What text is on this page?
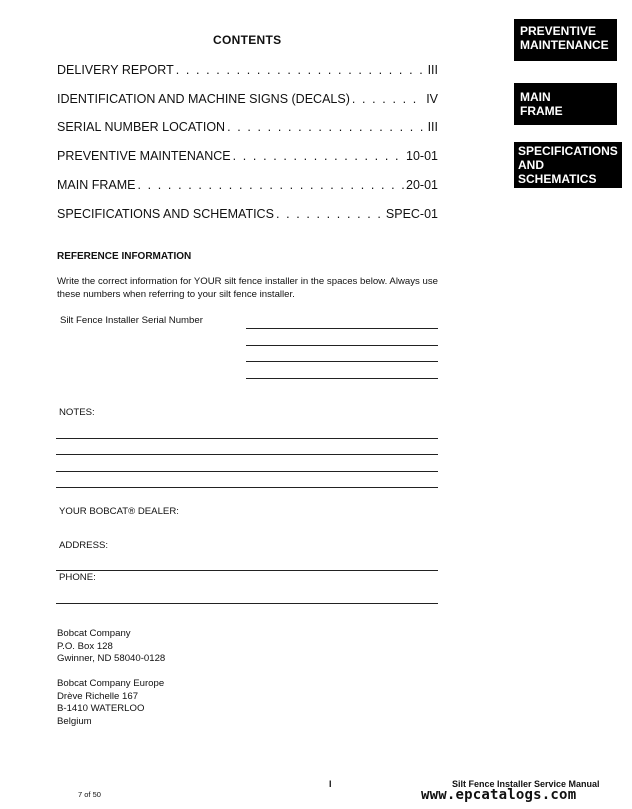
CONTENTS
DELIVERY REPORT . . .	III
IDENTIFICATION AND MACHINE SIGNS (DECALS) . . .	IV
SERIAL NUMBER LOCATION . . .	III
PREVENTIVE MAINTENANCE . . .	10-01
MAIN FRAME . . .	20-01
SPECIFICATIONS AND SCHEMATICS . . .	SPEC-01
PREVENTIVE
MAINTENANCE
MAIN
FRAME
SPECIFICATIONS
AND
SCHEMATICS
REFERENCE INFORMATION
Write the correct information for YOUR silt fence installer in the spaces below. Always use these numbers when referring to your silt fence installer.
Silt Fence Installer Serial Number
NOTES:
YOUR BOBCAT® DEALER:
ADDRESS:
PHONE:
Bobcat Company
P.O. Box 128
Gwinner, ND 58040-0128
Bobcat Company Europe
Drève Richelle 167
B-1410 WATERLOO
Belgium
7 of 50
I	Silt Fence Installer Service Manual
www.epcatalogs.com
